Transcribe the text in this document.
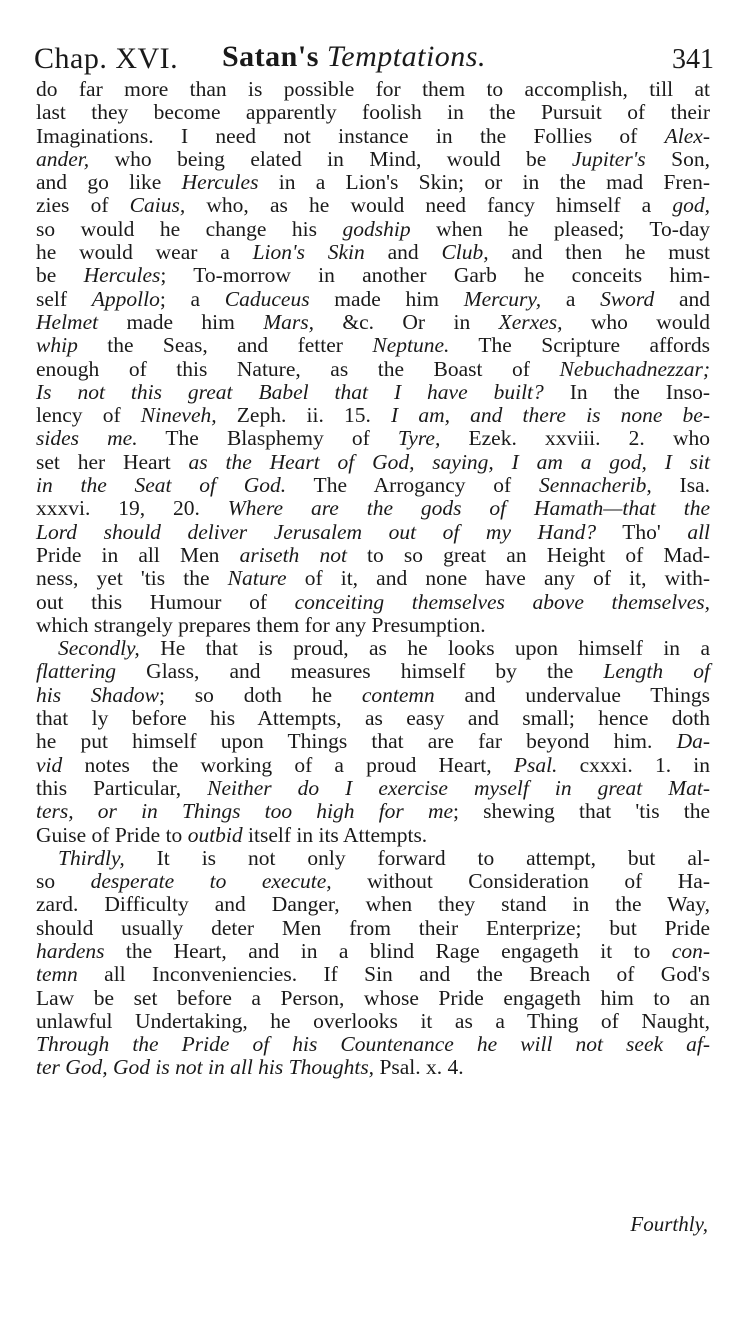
Chap. XVI. Satan's Temptations.	341
do far more than is possible for them to accomplish, till at
last they become apparently foolish in the Pursuit of their
Imaginations. I need not instance in the Follies of Alex-
ander, who being elated in Mind, would be Jupiter's Son,
and go like Hercules in a Lion's Skin; or in the mad Fren-
zies of Caius, who, as he would need fancy himself a god,
so would he change his godship when he pleased; To-day
he would wear a Lion's Skin and Club, and then he must
be Hercules; To-morrow in another Garb he conceits him-
self Appollo; a Caduceus made him Mercury, a Sword and
Helmet made him Mars, &c. Or in Xerxes, who would
whip the Seas, and fetter Neptune. The Scripture affords
enough of this Nature, as the Boast of Nebuchadnezzar;
Is not this great Babel that I have built? In the Inso-
lency of Nineveh, Zeph. ii. 15. I am, and there is none be-
sides me. The Blasphemy of Tyre, Ezek. xxviii. 2. who
set her Heart as the Heart of God, saying, I am a god, I sit
in the Seat of God. The Arrogancy of Sennacherib, Isa.
xxxvi. 19, 20. Where are the gods of Hamath—that the
Lord should deliver Jerusalem out of my Hand? Tho' all
Pride in all Men ariseth not to so great an Height of Mad-
ness, yet 'tis the Nature of it, and none have any of it, with-
out this Humour of conceiting themselves above themselves,
which strangely prepares them for any Presumption.
Secondly, He that is proud, as he looks upon himself in a
flattering Glass, and measures himself by the Length of
his Shadow; so doth he contemn and undervalue Things
that ly before his Attempts, as easy and small; hence doth
he put himself upon Things that are far beyond him. Da-
vid notes the working of a proud Heart, Psal. cxxxi. 1. in
this Particular, Neither do I exercise myself in great Mat-
ters, or in Things too high for me; shewing that 'tis the
Guise of Pride to outbid itself in its Attempts.
Thirdly, It is not only forward to attempt, but al-
so desperate to execute, without Consideration of Ha-
zard. Difficulty and Danger, when they stand in the Way,
should usually deter Men from their Enterprize; but Pride
hardens the Heart, and in a blind Rage engageth it to con-
temn all Inconveniencies. If Sin and the Breach of God's
Law be set before a Person, whose Pride engageth him to an
unlawful Undertaking, he overlooks it as a Thing of Naught,
Through the Pride of his Countenance he will not seek af-
ter God, God is not in all his Thoughts, Psal. x. 4.
Fourthly,
